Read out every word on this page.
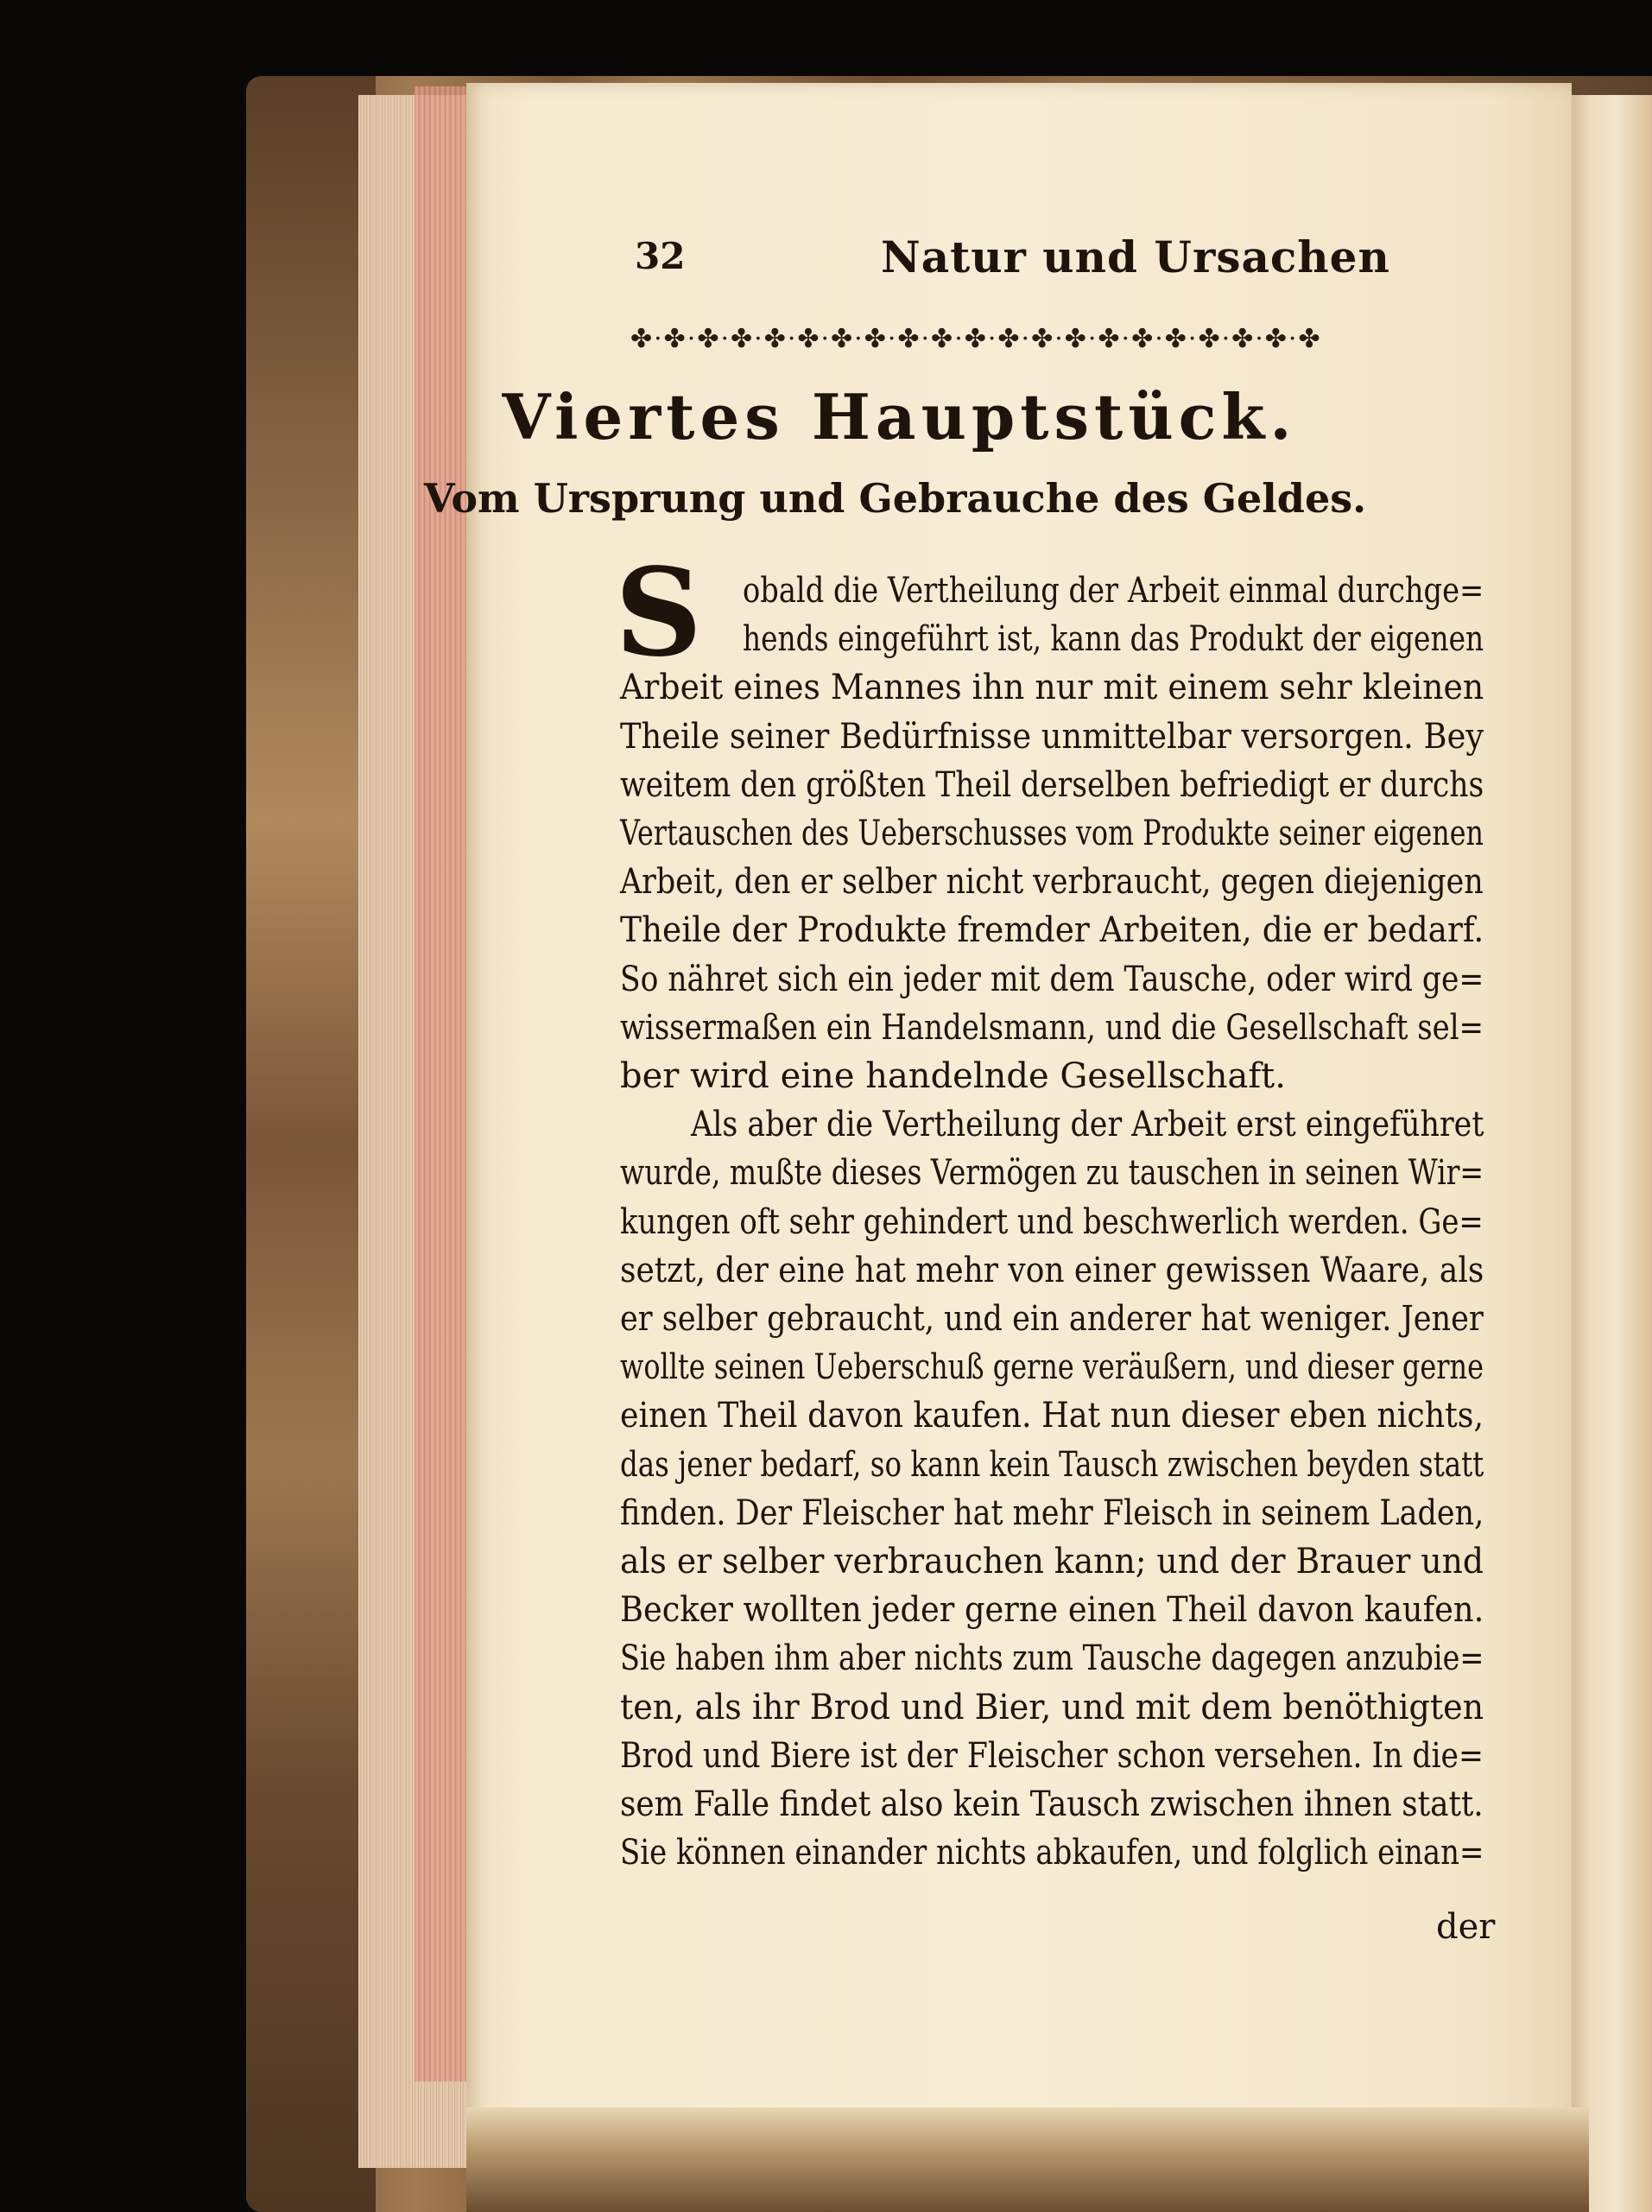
32	Natur und Ursachen
✤·✤·✤·✤·✤·✤·✤·✤·✤·✤·✤·✤·✤·✤·✤·✤·✤·✤·✤·✤·✤
Viertes Hauptstück.
Vom Ursprung und Gebrauche des Geldes.
S obald die Vertheilung der Arbeit einmal durchge=
hends eingeführt ist, kann das Produkt der eigenen
Arbeit eines Mannes ihn nur mit einem sehr kleinen
Theile seiner Bedürfnisse unmittelbar versorgen. Bey
weitem den größten Theil derselben befriedigt er durchs
Vertauschen des Ueberschusses vom Produkte seiner eigenen
Arbeit, den er selber nicht verbraucht, gegen diejenigen
Theile der Produkte fremder Arbeiten, die er bedarf.
So nähret sich ein jeder mit dem Tausche, oder wird ge=
wissermaßen ein Handelsmann, und die Gesellschaft sel=
ber wird eine handelnde Gesellschaft.
Als aber die Vertheilung der Arbeit erst eingeführet
wurde, mußte dieses Vermögen zu tauschen in seinen Wir=
kungen oft sehr gehindert und beschwerlich werden. Ge=
setzt, der eine hat mehr von einer gewissen Waare, als
er selber gebraucht, und ein anderer hat weniger. Jener
wollte seinen Ueberschuß gerne veräußern, und dieser gerne
einen Theil davon kaufen. Hat nun dieser eben nichts,
das jener bedarf, so kann kein Tausch zwischen beyden statt
finden. Der Fleischer hat mehr Fleisch in seinem Laden,
als er selber verbrauchen kann; und der Brauer und
Becker wollten jeder gerne einen Theil davon kaufen.
Sie haben ihm aber nichts zum Tausche dagegen anzubie=
ten, als ihr Brod und Bier, und mit dem benöthigten
Brod und Biere ist der Fleischer schon versehen. In die=
sem Falle findet also kein Tausch zwischen ihnen statt.
Sie können einander nichts abkaufen, und folglich einan=
der
